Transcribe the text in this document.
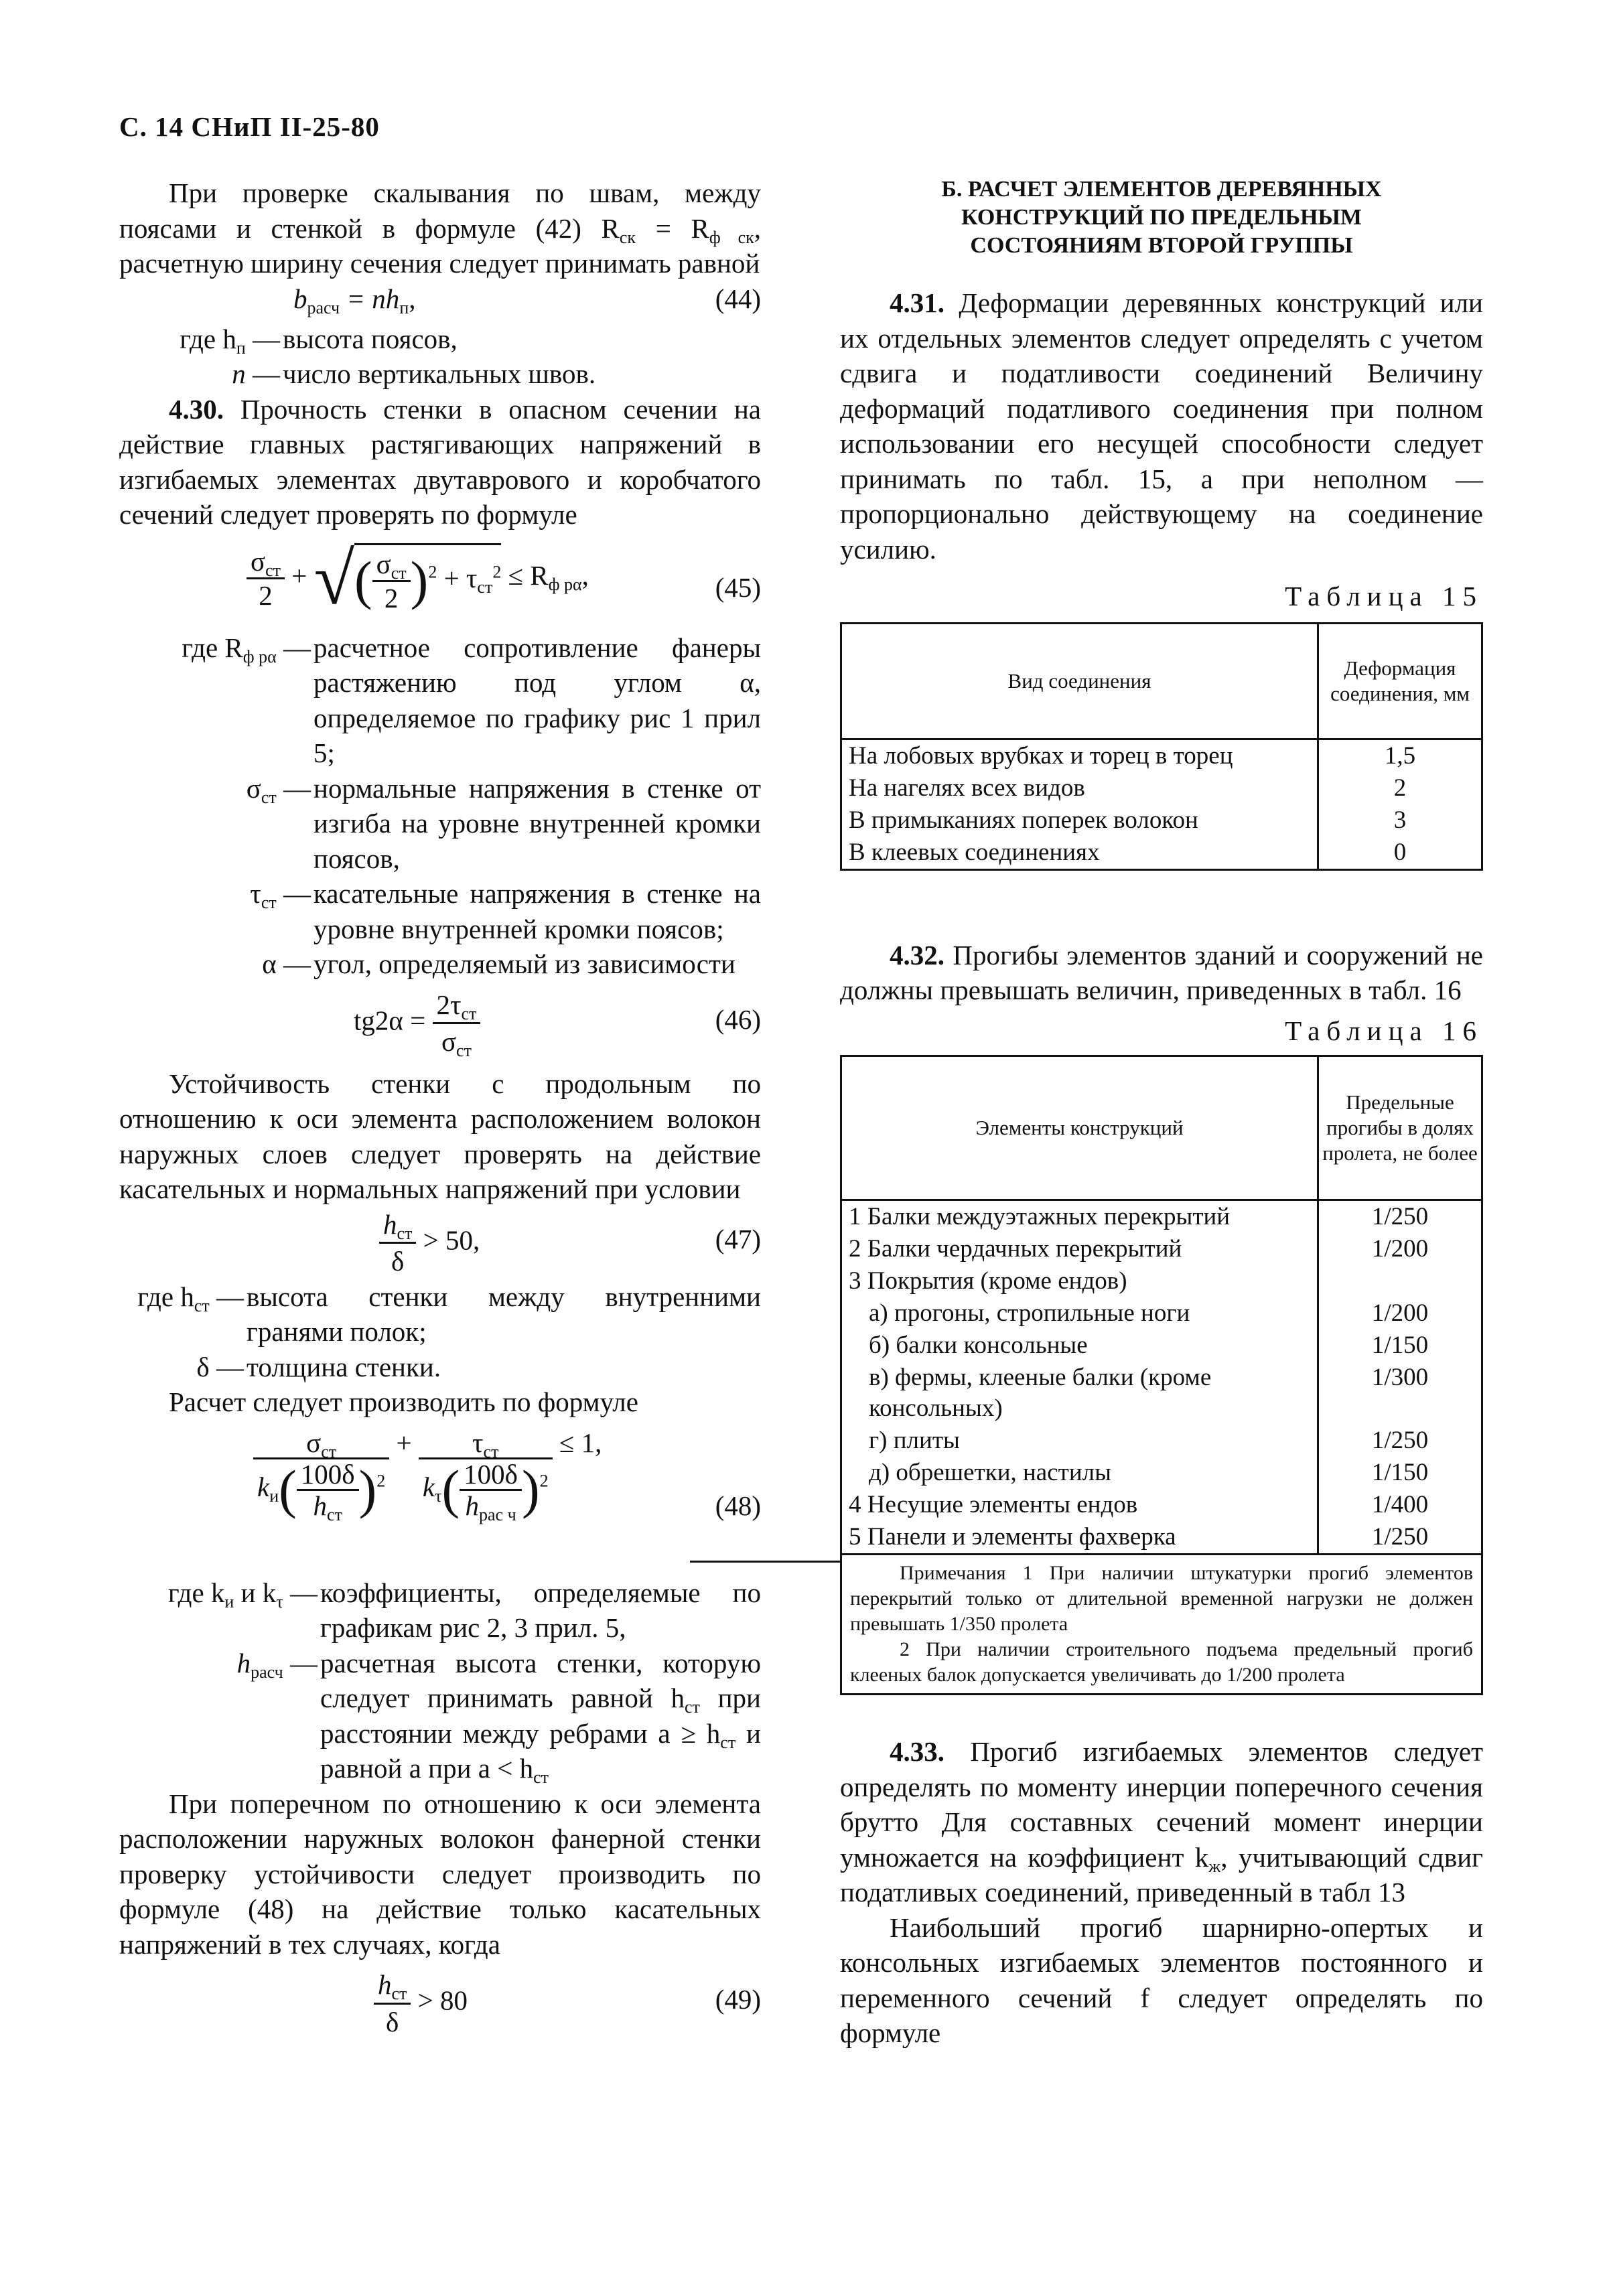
С. 14 СНиП II-25-80

При проверке скалывания по швам, между поясами и стенкой в формуле (42) $R_{ск} = R_{ф ск}$, расчетную ширину сечения следует принимать равной

$b_{расч} = nh_п$,	(44)
где $h_п$ — высота поясов,
n — число вертикальных швов.

4.30. Прочность стенки в опасном сечении на действие главных растягивающих напряжений в изгибаемых элементах двутаврового и коробчатого сечений следует проверять по формуле

$\frac{\sigma_{ст}}{2}$ + √( $\frac{\sigma_{ст}}{2} )^2 + \tau_{ст}^2 \le R_{ф p\alpha}$,	(45)
где $R_{ф p\alpha}$ — расчетное сопротивление фанеры растяжению под углом α, определяемое по графику рис 1 прил 5;
$\sigma_{ст}$ — нормальные напряжения в стенке от изгиба на уровне внутренней кромки поясов,
$\tau_{ст}$ — касательные напряжения в стенке на уровне внутренней кромки поясов;
α — угол, определяемый из зависимости
$tg2\alpha = \frac{2\tau_{ст}}{\sigma_{ст}}$	(46)

Устойчивость стенки с продольным по отношению к оси элемента расположением волокон наружных слоев следует проверять на действие касательных и нормальных напряжений при условии

$\frac{h_{ст}}{\delta} > 50$,	(47)
где $h_{ст}$ — высота стенки между внутренними гранями полок;
δ — толщина стенки.

Расчет следует производить по формуле

$\frac{\sigma_{ст}}{k_и( \frac{100\delta}{h_{ст}} )^2} + \frac{\tau_{ст}}{k_\tau( \frac{100\delta}{h_{рас ч}} )^2} \le 1$,
(48)
где $k_и$ и $k_\tau$ — коэффициенты, определяемые по графикам рис 2, 3 прил. 5,
$h_{расч}$ — расчетная высота стенки, которую следует принимать равной $h_{ст}$ при расстоянии между ребрами $a \ge h_{ст}$ и равной a при $a < h_{ст}$

При поперечном по отношению к оси элемента расположении наружных волокон фанерной стенки проверку устойчивости следует производить по формуле (48) на действие только касательных напряжений в тех случаях, когда

$\frac{h_{ст}}{\delta} > 80$	(49)
Б. РАСЧЕТ ЭЛЕМЕНТОВ ДЕРЕВЯННЫХ КОНСТРУКЦИЙ ПО ПРЕДЕЛЬНЫМ СОСТОЯНИЯМ ВТОРОЙ ГРУППЫ

4.31. Деформации деревянных конструкций или их отдельных элементов следует определять с учетом сдвига и податливости соединений Величину деформаций податливого соединения при полном использовании его несущей способности следует принимать по табл. 15, а при неполном — пропорционально действующему на соединение усилию.

Таблица 15
Вид соединения	Деформация соединения, мм
На лобовых врубках и торец в торец	1,5
На нагелях всех видов	2
В примыканиях поперек волокон	3
В клеевых соединениях	0

4.32. Прогибы элементов зданий и сооружений не должны превышать величин, приведенных в табл. 16

Таблица 16
Элементы конструкций	Предельные прогибы в долях пролета, не более
1 Балки междуэтажных перекрытий	1/250
2 Балки чердачных перекрытий	1/200
3 Покрытия (кроме ендов)	
а) прогоны, стропильные ноги	1/200
б) балки консольные	1/150
в) фермы, клееные балки (кроме консольных)	1/300
г) плиты	1/250
д) обрешетки, настилы	1/150
4 Несущие элементы ендов	1/400
5 Панели и элементы фахверка	1/250
Примечания 1 При наличии штукатурки прогиб элементов перекрытий только от длительной временной нагрузки не должен превышать 1/350 пролета
2 При наличии строительного подъема предельный прогиб клееных балок допускается увеличивать до 1/200 пролета

4.33. Прогиб изгибаемых элементов следует определять по моменту инерции поперечного сечения брутто Для составных сечений момент инерции умножается на коэффициент $k_ж$, учитывающий сдвиг податливых соединений, приведенный в табл 13

Наибольший прогиб шарнирно-опертых и консольных изгибаемых элементов постоянного и переменного сечений f следует определять по формуле
